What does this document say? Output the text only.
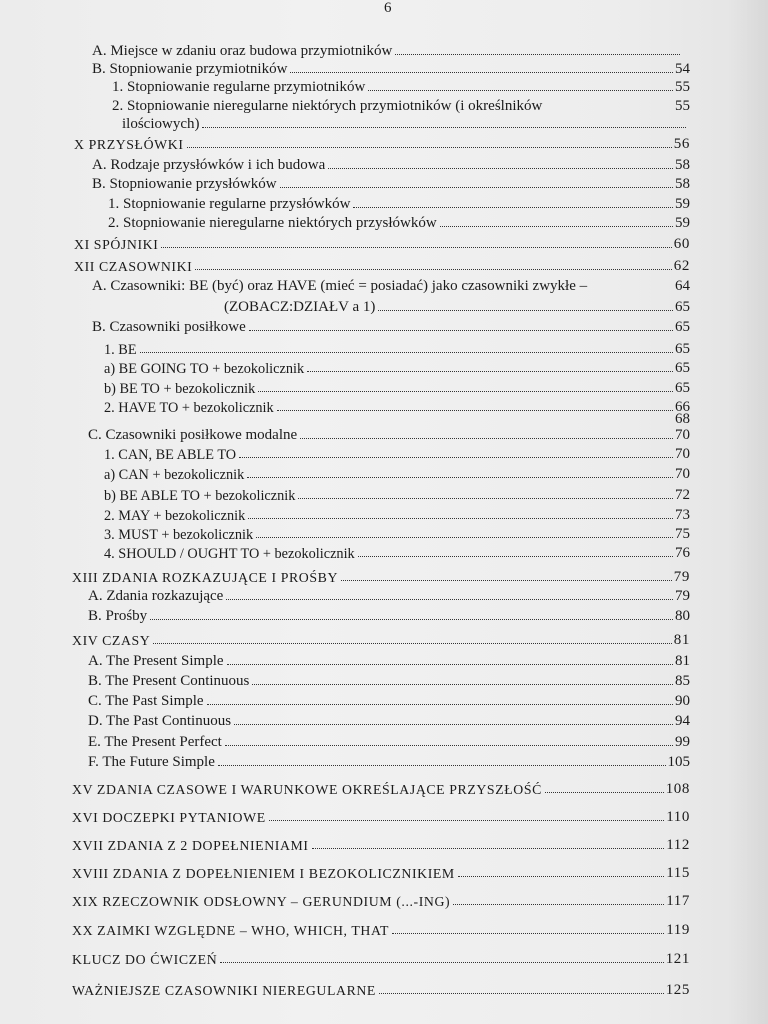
6
A. Miejsce w zdaniu oraz budowa przymiotników
B. Stopniowanie przymiotników	54
1. Stopniowanie regularne przymiotników	55
2. Stopniowanie nieregularne niektórych przymiotników (i określników	55
ilościowych)
X PRZYSŁÓWKI	56
A. Rodzaje przysłówków i ich budowa	58
B. Stopniowanie przysłówków	58
1. Stopniowanie regularne przysłówków	59
2. Stopniowanie nieregularne niektórych przysłówków	59
XI SPÓJNIKI	60
XII CZASOWNIKI	62
A. Czasowniki: BE (być) oraz HAVE (mieć = posiadać) jako czasowniki zwykłe –	64
(ZOBACZ:DZIAŁV a 1)	65
B. Czasowniki posiłkowe	65
1. BE	65
a) BE GOING TO + bezokolicznik	65
b) BE TO + bezokolicznik	65
2. HAVE TO + bezokolicznik	66
68
C. Czasowniki posiłkowe modalne	70
1. CAN, BE ABLE TO	70
a) CAN + bezokolicznik	70
b) BE ABLE TO + bezokolicznik	72
2. MAY + bezokolicznik	73
3. MUST + bezokolicznik	75
4. SHOULD / OUGHT TO + bezokolicznik	76
XIII ZDANIA ROZKAZUJĄCE I PROŚBY	79
A. Zdania rozkazujące	79
B. Prośby	80
XIV CZASY	81
A. The Present Simple	81
B. The Present Continuous	85
C. The Past Simple	90
D. The Past Continuous	94
E. The Present Perfect	99
F. The Future Simple	105
XV ZDANIA CZASOWE I WARUNKOWE OKREŚLAJĄCE PRZYSZŁOŚĆ	108
XVI DOCZEPKI PYTANIOWE	110
XVII ZDANIA Z 2 DOPEŁNIENIAMI	112
XVIII ZDANIA Z DOPEŁNIENIEM I BEZOKOLICZNIKIEM	115
XIX RZECZOWNIK ODSŁOWNY – GERUNDIUM (...-ING)	117
XX ZAIMKI WZGLĘDNE – WHO, WHICH, THAT	119
KLUCZ DO ĆWICZEŃ	121
WAŻNIEJSZE CZASOWNIKI NIEREGULARNE	125
